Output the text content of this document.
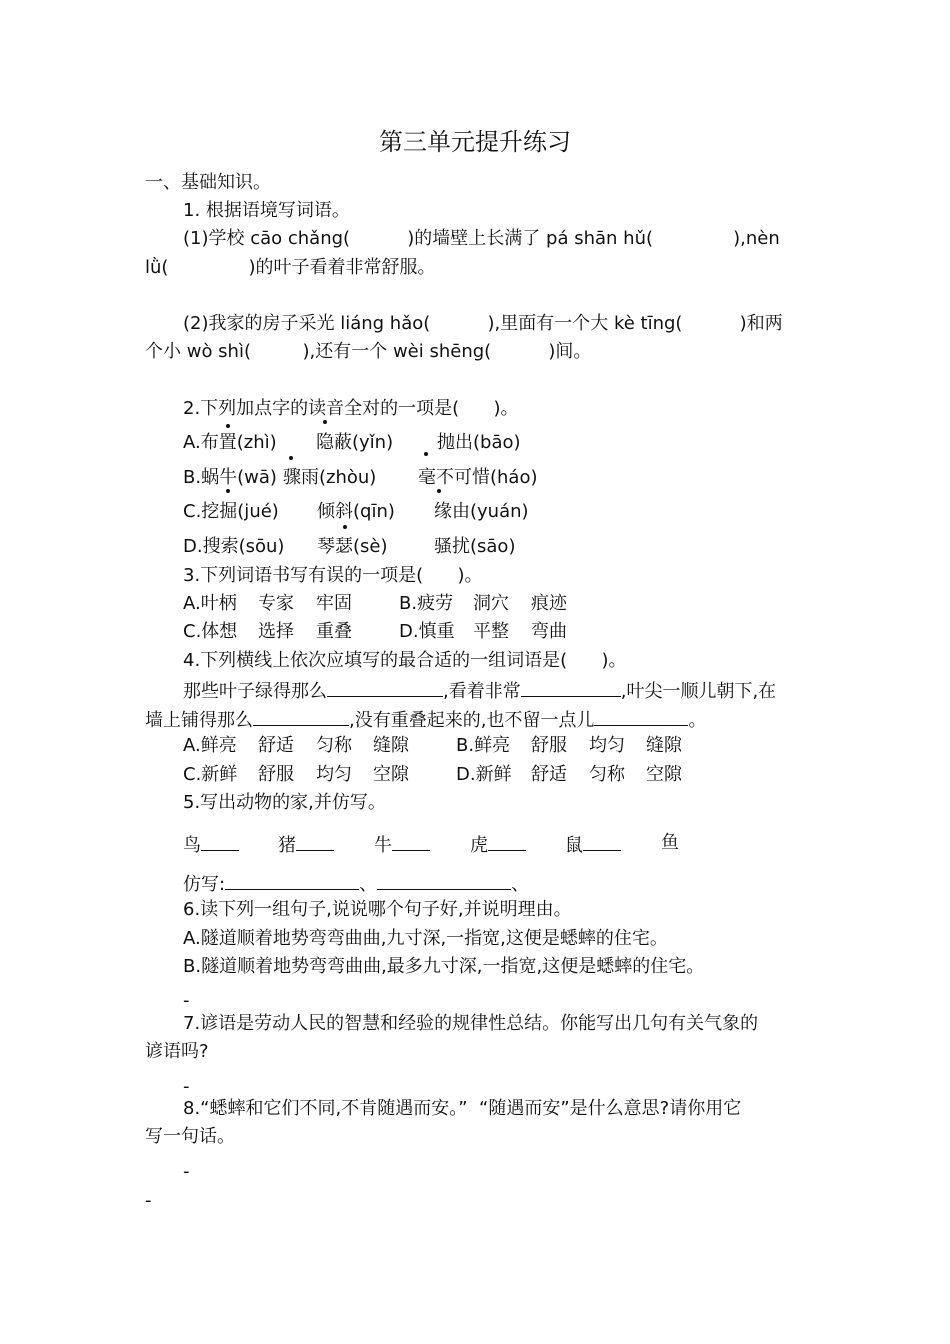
第三单元提升练习
一、基础知识。
1. 根据语境写词语。
(1)学校 cāo chǎng(          )的墙壁上长满了 pá shān hǔ(              ),nèn
lǜ(              )的叶子看着非常舒服。
(2)我家的房子采光 liáng hǎo(          ),里面有一个大 kè tīng(          )和两
个小 wò shì(         ),还有一个 wèi shēng(          )间。
2.下列加点字的读音全对的一项是(      )。
A.布置(zhì) 隐蔽(yǐn) 抛出(bāo)
B.蜗牛(wā) 骤雨(zhòu) 毫不可惜(háo)
C.挖掘(jué) 倾斜(qīn) 缘由(yuán)
D.搜索(sōu) 琴瑟(sè)	骚扰(sāo)
3.下列词语书写有误的一项是(      )。
A.叶柄 专家 牢固	B.疲劳 洞穴 痕迹
C.体想 选择 重叠	D.慎重 平整 弯曲
4.下列横线上依次应填写的最合适的一组词语是(      )。
那些叶子绿得那么	,看着非常	,叶尖一顺儿朝下,在
墙上铺得那么	,没有重叠起来的,也不留一点儿	。
A.鲜亮 舒适 匀称 缝隙	B.鲜亮 舒服 均匀 缝隙
C.新鲜 舒服 均匀 空隙	D.新鲜 舒适 匀称 空隙
5.写出动物的家,并仿写。
鸟	猪	牛	虎	鼠	鱼
仿写:	、	、
6.读下列一组句子,说说哪个句子好,并说明理由。
A.隧道顺着地势弯弯曲曲,九寸深,一指宽,这便是蟋蟀的住宅。
B.隧道顺着地势弯弯曲曲,最多九寸深,一指宽,这便是蟋蟀的住宅。
-
7.谚语是劳动人民的智慧和经验的规律性总结。你能写出几句有关气象的
谚语吗?
-
8.“蟋蟀和它们不同,不肯随遇而安。”  “随遇而安”是什么意思?请你用它
写一句话。
-
-
